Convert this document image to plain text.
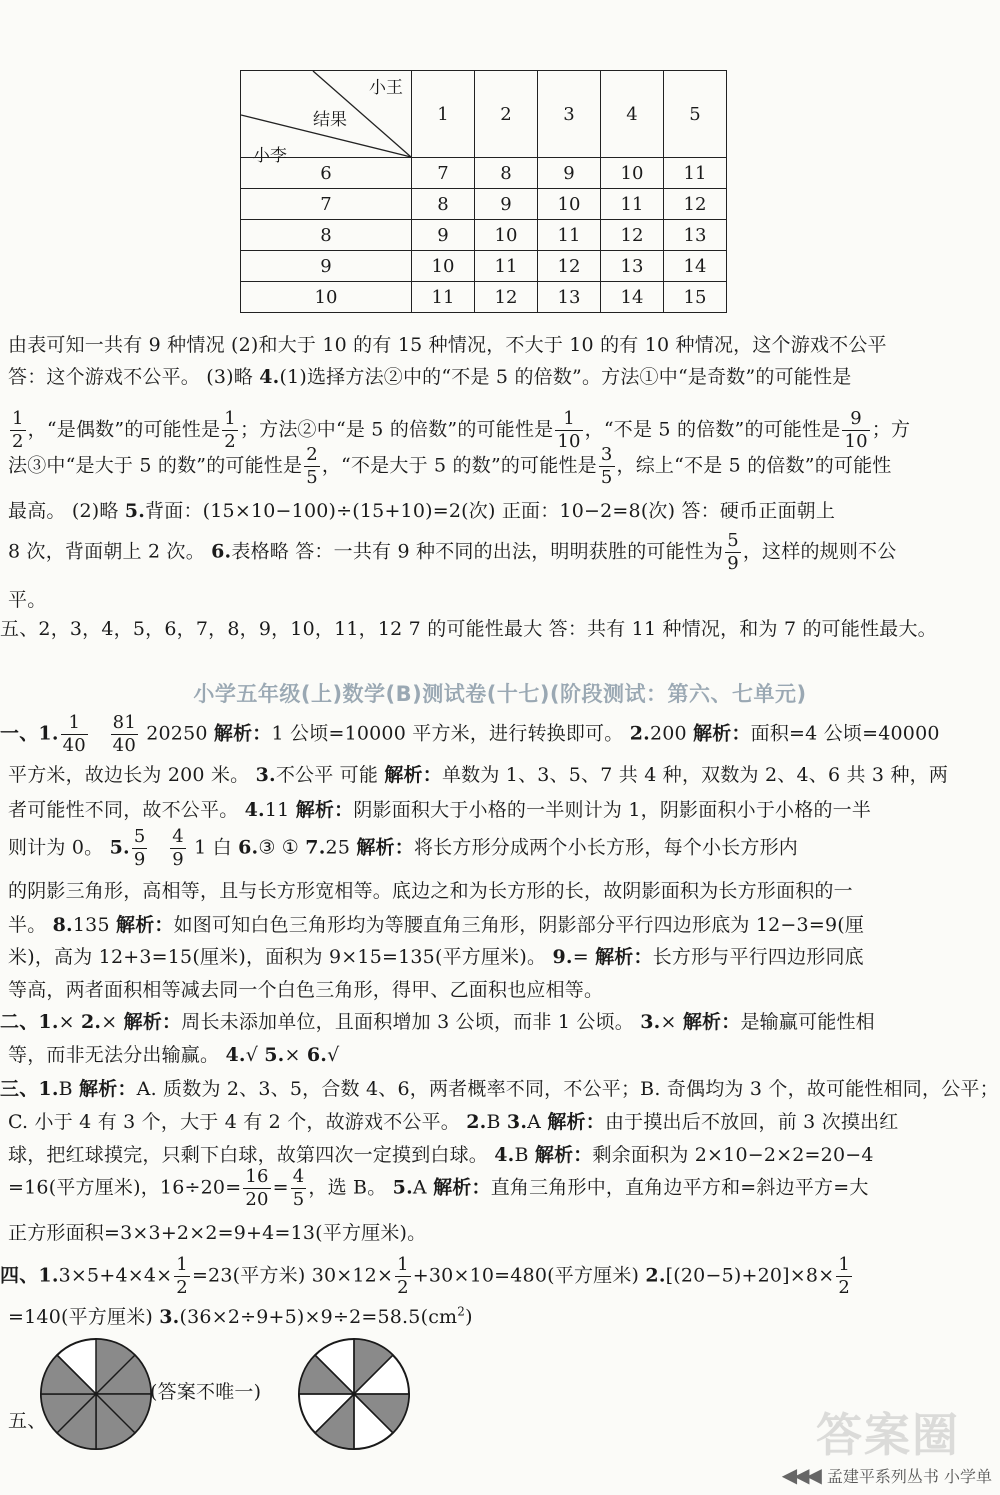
小王
结果
小李	1	2	3	4	5
6	7	8	9	10	11
7	8	9	10	11	12
8	9	10	11	12	13
9	10	11	12	13	14
10	11	12	13	14	15
由表可知一共有 9 种情况 (2)和大于 10 的有 15 种情况，不大于 10 的有 10 种情况，这个游戏不公平
答：这个游戏不公平。 (3)略 4.(1)选择方法②中的“不是 5 的倍数”。方法①中“是奇数”的可能性是
$\frac{1}{2}$ ，“是偶数”的可能性是 $\frac{1}{2}$ ；方法②中“是 5 的倍数”的可能性是 $\frac{1}{10}$ ，“不是 5 的倍数”的可能性是 $\frac{9}{10}$ ；方
法③中“是大于 5 的数”的可能性是 $\frac{2}{5}$ ，“不是大于 5 的数”的可能性是 $\frac{3}{5}$ ，综上“不是 5 的倍数”的可能性
最高。 (2)略 5.背面：(15×10−100)÷(15+10)=2(次) 正面：10−2=8(次) 答：硬币正面朝上
8 次，背面朝上 2 次。 6.表格略 答：一共有 9 种不同的出法，明明获胜的可能性为 $\frac{5}{9}$ ，这样的规则不公
平。
五、2，3，4，5，6，7，8，9，10，11，12 7 的可能性最大 答：共有 11 种情况，和为 7 的可能性最大。
小学五年级(上)数学(B)测试卷(十七)(阶段测试：第六、七单元)
一、1. $\frac{1}{40}$
$\frac{81}{40} 20250$ 解析：1 公顷=10000 平方米，进行转换即可。 2.200 解析：面积=4 公顷=40000
平方米，故边长为 200 米。 3.不公平 可能 解析：单数为 1、3、5、7 共 4 种，双数为 2、4、6 共 3 种，两
者可能性不同，故不公平。 4.11 解析：阴影面积大于小格的一半则计为 1，阴影面积小于小格的一半
则计为 0。 5. $\frac{5}{9}$
$\frac{4}{9} 1$ 白 6.③ ① 7.25 解析：将长方形分成两个小长方形，每个小长方形内
的阴影三角形，高相等，且与长方形宽相等。底边之和为长方形的长，故阴影面积为长方形面积的一
半。 8.135 解析：如图可知白色三角形均为等腰直角三角形，阴影部分平行四边形底为 12−3=9(厘
米)，高为 12+3=15(厘米)，面积为 9×15=135(平方厘米)。 9.= 解析：长方形与平行四边形同底
等高，两者面积相等减去同一个白色三角形，得甲、乙面积也应相等。
二、1.× 2.× 解析：周长未添加单位，且面积增加 3 公顷，而非 1 公顷。 3.× 解析：是输赢可能性相
等，而非无法分出输赢。 4.√ 5.× 6.√
三、1.B 解析：A. 质数为 2、3、5，合数 4、6，两者概率不同，不公平；B. 奇偶均为 3 个，故可能性相同，公平；
C. 小于 4 有 3 个，大于 4 有 2 个，故游戏不公平。 2.B 3.A 解析：由于摸出后不放回，前 3 次摸出红
球，把红球摸完，只剩下白球，故第四次一定摸到白球。 4.B 解析：剩余面积为 2×10−2×2=20−4
=16(平方厘米)，$16\div 20= \frac{16}{20} = \frac{4}{5}$ ，选 B。 5.A 解析：直角三角形中，直角边平方和=斜边平方=大
正方形面积=3×3+2×2=9+4=13(平方厘米)。
四、$1.3\times 5+4\times 4\times \frac{1}{2} =23$(平方米) $30\times 12\times \frac{1}{2} +30\times 10=480$(平方厘米) $2.[(20-5)+20]\times 8\times \frac{1}{2}$
=140(平方厘米) $3.(36\times 2\div 9+5)\times 9\div 2=58.5(cm^2)$
五、
(答案不唯一)
答案圈
◀◀◀ 孟建平系列丛书 小学单
